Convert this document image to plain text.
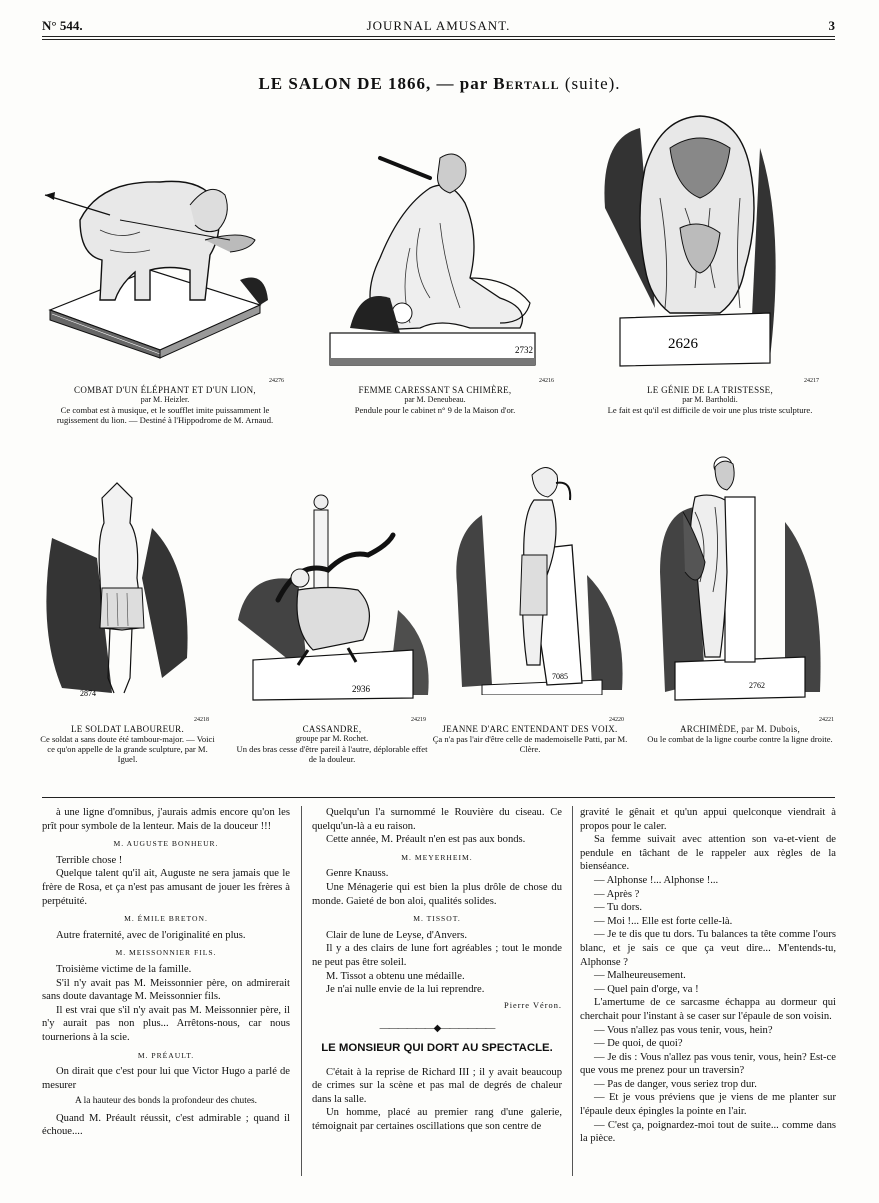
N° 544.	JOURNAL AMUSANT.	3
LE SALON DE 1866, — par Bertall (suite).
24276
COMBAT D'UN ÉLÉPHANT ET D'UN LION,
par M. Heizler.
Ce combat est à musique, et le soufflet imite puissamment le rugissement du lion. — Destiné à l'Hippodrome de M. Arnaud.
2732
24216
FEMME CARESSANT SA CHIMÈRE,
par M. Deneubeau.
Pendule pour le cabinet n° 9 de la Maison d'or.
2626
24217
LE GÉNIE DE LA TRISTESSE,
par M. Bartholdi.
Le fait est qu'il est difficile de voir une plus triste sculpture.
2874
24218
LE SOLDAT LABOUREUR.
Ce soldat a sans doute été tambour-major. — Voici ce qu'on appelle de la grande sculpture, par M. Iguel.
2936
24219
CASSANDRE,
groupe par M. Rochet.
Un des bras cesse d'être pareil à l'autre, déplorable effet de la douleur.
7085
24220
JEANNE D'ARC ENTENDANT DES VOIX.
Ça n'a pas l'air d'être celle de mademoiselle Patti, par M. Clère.
2762
24221
ARCHIMÈDE, par M. Dubois,
Ou le combat de la ligne courbe contre la ligne droite.

à une ligne d'omnibus, j'aurais admis encore qu'on les prît pour symbole de la lenteur. Mais de la douceur !!!

M. AUGUSTE BONHEUR.

Terrible chose !

Quelque talent qu'il ait, Auguste ne sera jamais que le frère de Rosa, et ça n'est pas amusant de jouer les frères à perpétuité.

M. ÉMILE BRETON.

Autre fraternité, avec de l'originalité en plus.

M. MEISSONNIER FILS.

Troisième victime de la famille.

S'il n'y avait pas M. Meissonnier père, on admirerait sans doute davantage M. Meissonnier fils.

Il est vrai que s'il n'y avait pas M. Meissonnier père, il n'y aurait pas non plus... Arrêtons-nous, car nous tournerions à la scie.

M. PRÉAULT.

On dirait que c'est pour lui que Victor Hugo a parlé de mesurer

A la hauteur des bonds la profondeur des chutes.

Quand M. Préault réussit, c'est admirable ; quand il échoue....

Quelqu'un l'a surnommé le Rouvière du ciseau. Ce quelqu'un-là a eu raison.

Cette année, M. Préault n'en est pas aux bonds.

M. MEYERHEIM.

Genre Knauss.

Une Ménagerie qui est bien la plus drôle de chose du monde. Gaieté de bon aloi, qualités solides.

M. TISSOT.

Clair de lune de Leyse, d'Anvers.

Il y a des clairs de lune fort agréables ; tout le monde ne peut pas être soleil.

M. Tissot a obtenu une médaille.

Je n'ai nulle envie de la lui reprendre.

Pierre Véron.

——————◆——————

LE MONSIEUR QUI DORT AU SPECTACLE.

C'était à la reprise de Richard III ; il y avait beaucoup de crimes sur la scène et pas mal de degrés de chaleur dans la salle.

Un homme, placé au premier rang d'une galerie, témoignait par certaines oscillations que son centre de

gravité le gênait et qu'un appui quelconque viendrait à propos pour le caler.

Sa femme suivait avec attention son va-et-vient de pendule en tâchant de le rappeler aux règles de la bienséance.

— Alphonse !... Alphonse !...

— Après ?

— Tu dors.

— Moi !... Elle est forte celle-là.

— Je te dis que tu dors. Tu balances ta tête comme l'ours blanc, et je sais ce que ça veut dire... M'entends-tu, Alphonse ?

— Malheureusement.

— Quel pain d'orge, va !

L'amertume de ce sarcasme échappa au dormeur qui cherchait pour l'instant à se caser sur l'épaule de son voisin.

— Vous n'allez pas vous tenir, vous, hein?

— De quoi, de quoi?

— Je dis : Vous n'allez pas vous tenir, vous, hein? Est-ce que vous me prenez pour un traversin?

— Pas de danger, vous seriez trop dur.

— Et je vous préviens que je viens de me planter sur l'épaule deux épingles la pointe en l'air.

— C'est ça, poignardez-moi tout de suite... comme dans la pièce.
